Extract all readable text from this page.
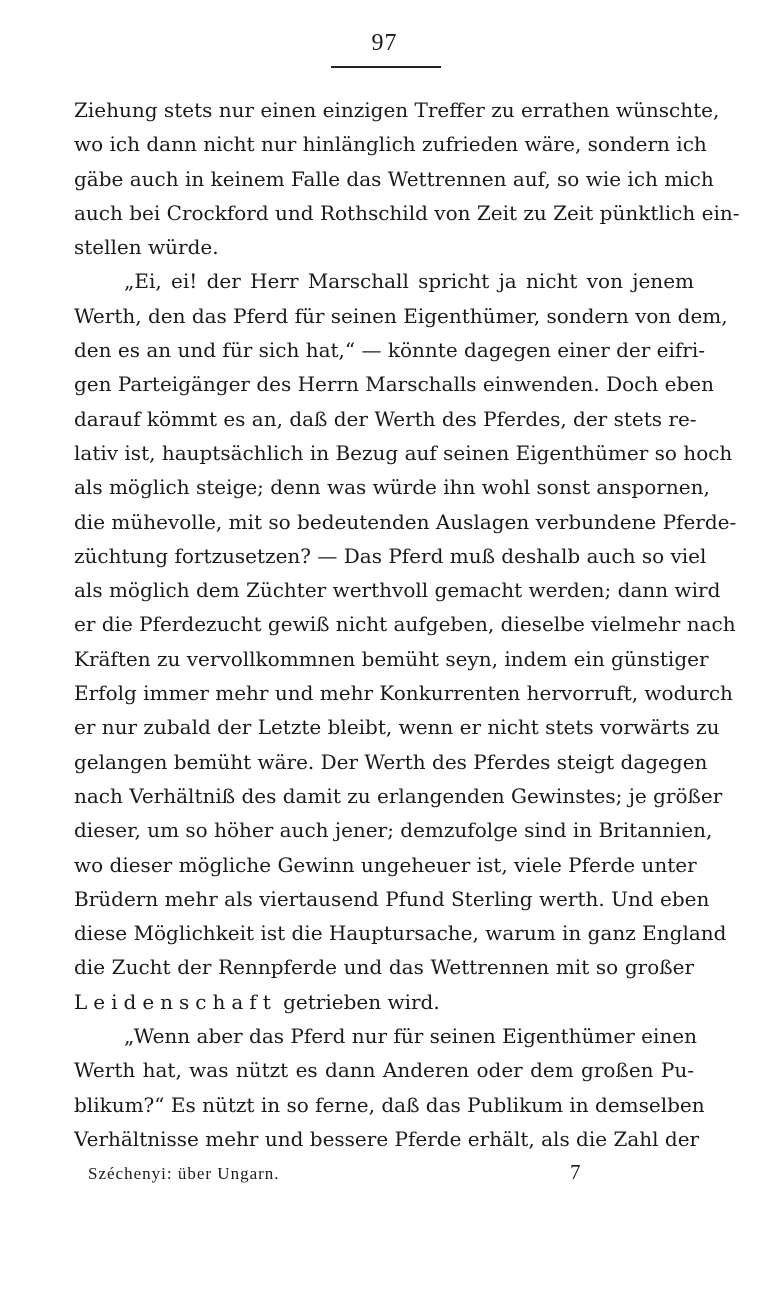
97
Ziehung stets nur einen einzigen Treffer zu errathen wünschte,
wo ich dann nicht nur hinlänglich zufrieden wäre, sondern ich
gäbe auch in keinem Falle das Wettrennen auf, so wie ich mich
auch bei Crockford und Rothschild von Zeit zu Zeit pünktlich ein-
stellen würde.
„Ei, ei! der Herr Marschall spricht ja nicht von jenem
Werth, den das Pferd für seinen Eigenthümer, sondern von dem,
den es an und für sich hat,“ — könnte dagegen einer der eifri-
gen Parteigänger des Herrn Marschalls einwenden. Doch eben
darauf kömmt es an, daß der Werth des Pferdes, der stets re-
lativ ist, hauptsächlich in Bezug auf seinen Eigenthümer so hoch
als möglich steige; denn was würde ihn wohl sonst anspornen,
die mühevolle, mit so bedeutenden Auslagen verbundene Pferde-
züchtung fortzusetzen? — Das Pferd muß deshalb auch so viel
als möglich dem Züchter werthvoll gemacht werden; dann wird
er die Pferdezucht gewiß nicht aufgeben, dieselbe vielmehr nach
Kräften zu vervollkommnen bemüht seyn, indem ein günstiger
Erfolg immer mehr und mehr Konkurrenten hervorruft, wodurch
er nur zubald der Letzte bleibt, wenn er nicht stets vorwärts zu
gelangen bemüht wäre. Der Werth des Pferdes steigt dagegen
nach Verhältniß des damit zu erlangenden Gewinstes; je größer
dieser, um so höher auch jener; demzufolge sind in Britannien,
wo dieser mögliche Gewinn ungeheuer ist, viele Pferde unter
Brüdern mehr als viertausend Pfund Sterling werth. Und eben
diese Möglichkeit ist die Hauptursache, warum in ganz England
die Zucht der Rennpferde und das Wettrennen mit so großer
Leidenschaft getrieben wird.
„Wenn aber das Pferd nur für seinen Eigenthümer einen
Werth hat, was nützt es dann Anderen oder dem großen Pu-
blikum?“ Es nützt in so ferne, daß das Publikum in demselben
Verhältnisse mehr und bessere Pferde erhält, als die Zahl der
Széchenyi: über Ungarn.	7
